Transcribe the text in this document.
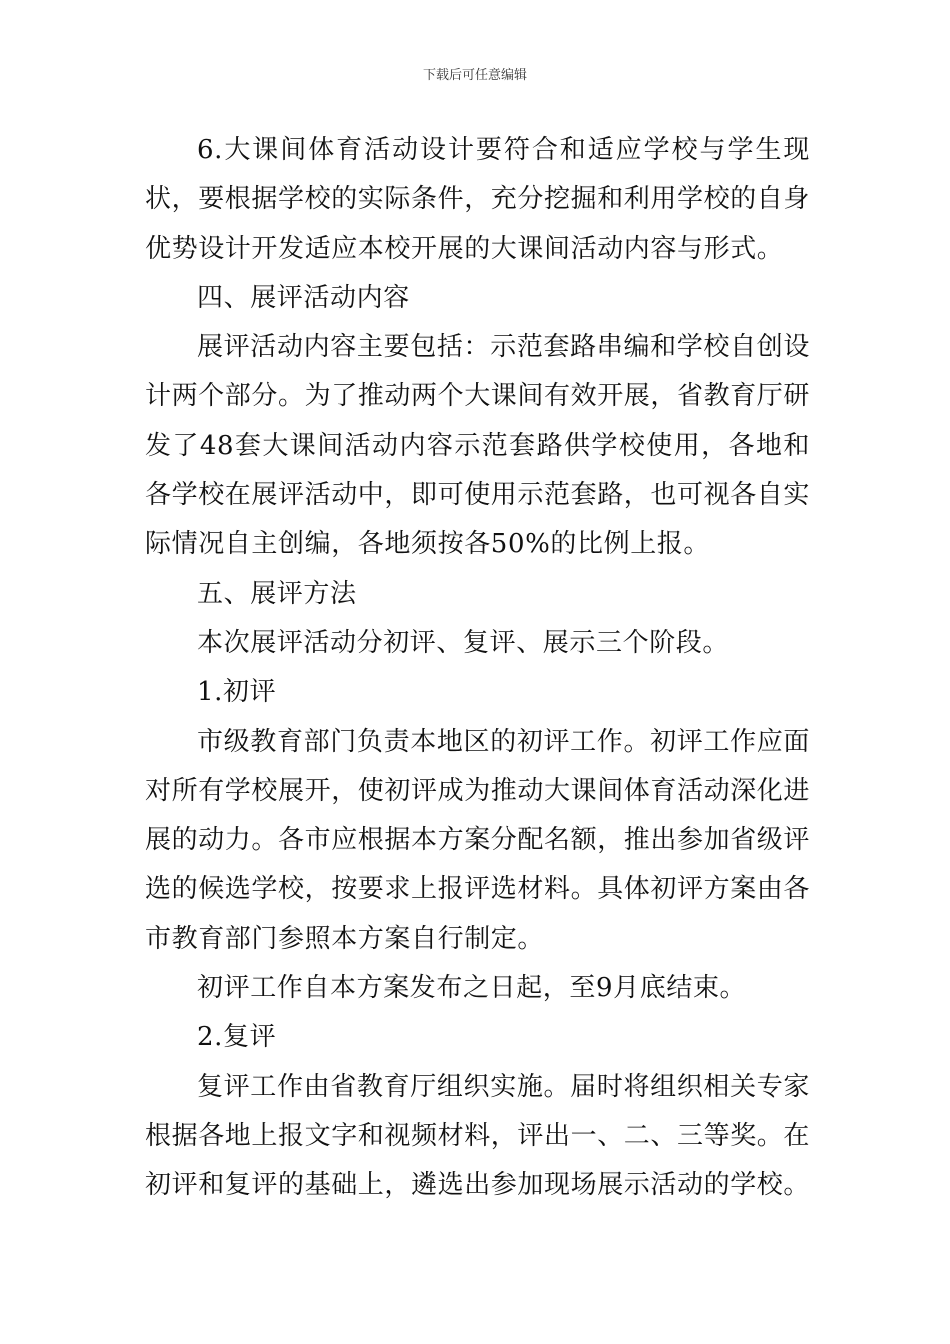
下载后可任意编辑

6.大课间体育活动设计要符合和适应学校与学生现状，要根据学校的实际条件，充分挖掘和利用学校的自身优势设计开发适应本校开展的大课间活动内容与形式。

四、展评活动内容

展评活动内容主要包括：示范套路串编和学校自创设计两个部分。为了推动两个大课间有效开展，省教育厅研发了48套大课间活动内容示范套路供学校使用，各地和各学校在展评活动中，即可使用示范套路，也可视各自实际情况自主创编，各地须按各50%的比例上报。

五、展评方法

本次展评活动分初评、复评、展示三个阶段。

1.初评

市级教育部门负责本地区的初评工作。初评工作应面对所有学校展开，使初评成为推动大课间体育活动深化进展的动力。各市应根据本方案分配名额，推出参加省级评选的候选学校，按要求上报评选材料。具体初评方案由各市教育部门参照本方案自行制定。

初评工作自本方案发布之日起，至9月底结束。

2.复评

复评工作由省教育厅组织实施。届时将组织相关专家根据各地上报文字和视频材料，评出一、二、三等奖。在初评和复评的基础上，遴选出参加现场展示活动的学校。
